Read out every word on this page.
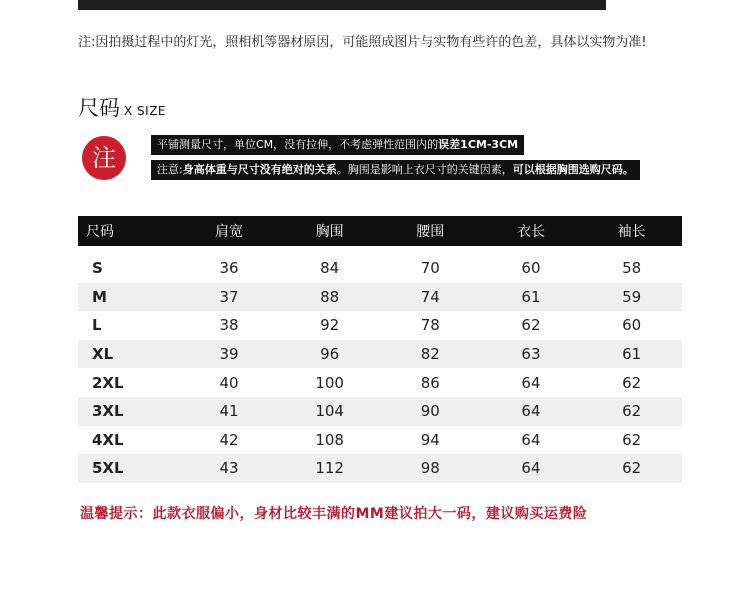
注:因拍摄过程中的灯光，照相机等器材原因，可能照成图片与实物有些许的色差，具体以实物为准!
尺码 X SIZE
注	平铺测量尺寸，单位CM，没有拉伸，不考虑弹性范围内的误差1CM-3CM
注意:身高体重与尺寸没有绝对的关系。胸围是影响上衣尺寸的关键因素，可以根据胸围选购尺码。
尺码	肩宽	胸围	腰围	衣长	袖长

S	36	84	70	60	58
M	37	88	74	61	59
L	38	92	78	62	60
XL	39	96	82	63	61
2XL	40	100	86	64	62
3XL	41	104	90	64	62
4XL	42	108	94	64	62
5XL	43	112	98	64	62
温馨提示：此款衣服偏小，身材比较丰满的MM建议拍大一码，建议购买运费险
